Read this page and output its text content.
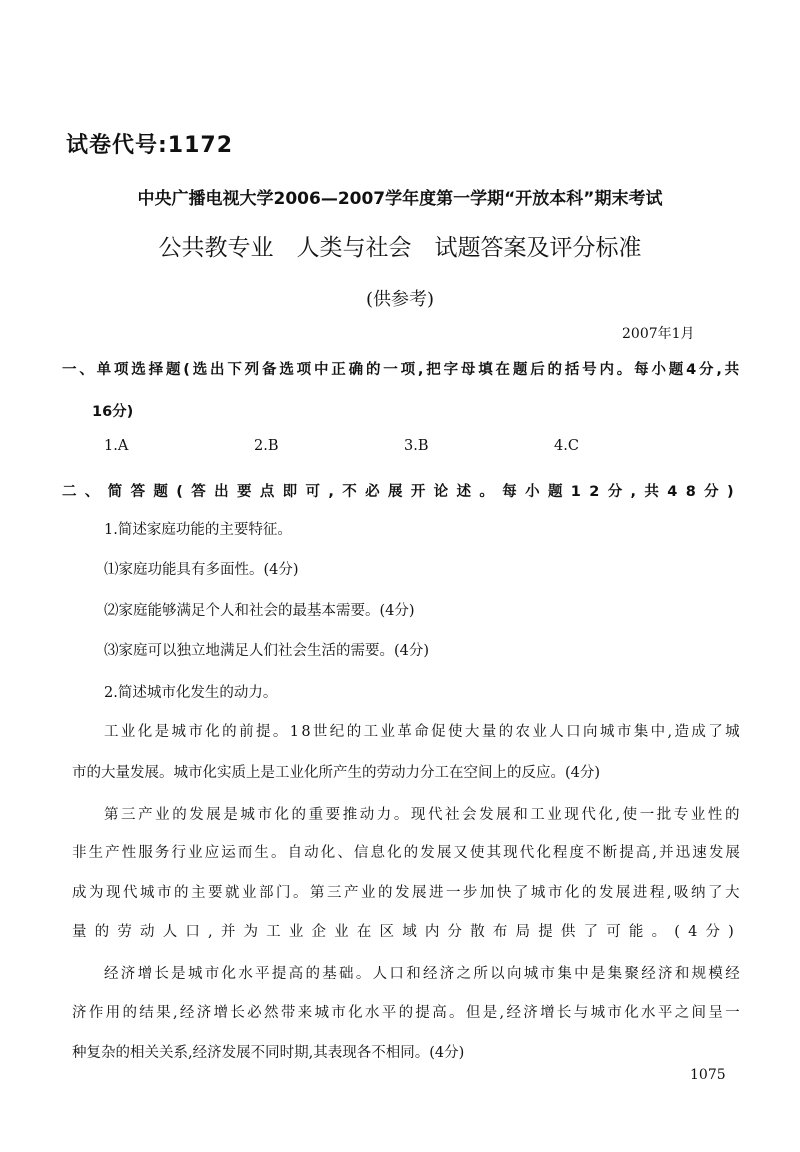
试卷代号:1172
中央广播电视大学2006—2007学年度第一学期“开放本科”期末考试
公共教专业　人类与社会　试题答案及评分标准
(供参考)
2007年1月
一、单项选择题(选出下列备选项中正确的一项,把字母填在题后的括号内。每小题4分,共
16分)
1.A	2.B	3.B	4.C
二、简答题(答出要点即可,不必展开论述。每小题12分,共48分)
1.简述家庭功能的主要特征。
⑴家庭功能具有多面性。(4分)
⑵家庭能够满足个人和社会的最基本需要。(4分)
⑶家庭可以独立地满足人们社会生活的需要。(4分)
2.简述城市化发生的动力。
工业化是城市化的前提。18世纪的工业革命促使大量的农业人口向城市集中,造成了城
市的大量发展。城市化实质上是工业化所产生的劳动力分工在空间上的反应。(4分)
第三产业的发展是城市化的重要推动力。现代社会发展和工业现代化,使一批专业性的
非生产性服务行业应运而生。自动化、信息化的发展又使其现代化程度不断提高,并迅速发展
成为现代城市的主要就业部门。第三产业的发展进一步加快了城市化的发展进程,吸纳了大
量的劳动人口,并为工业企业在区域内分散布局提供了可能。(4分)
经济增长是城市化水平提高的基础。人口和经济之所以向城市集中是集聚经济和规模经
济作用的结果,经济增长必然带来城市化水平的提高。但是,经济增长与城市化水平之间呈一
种复杂的相关关系,经济发展不同时期,其表现各不相同。(4分)
1075
